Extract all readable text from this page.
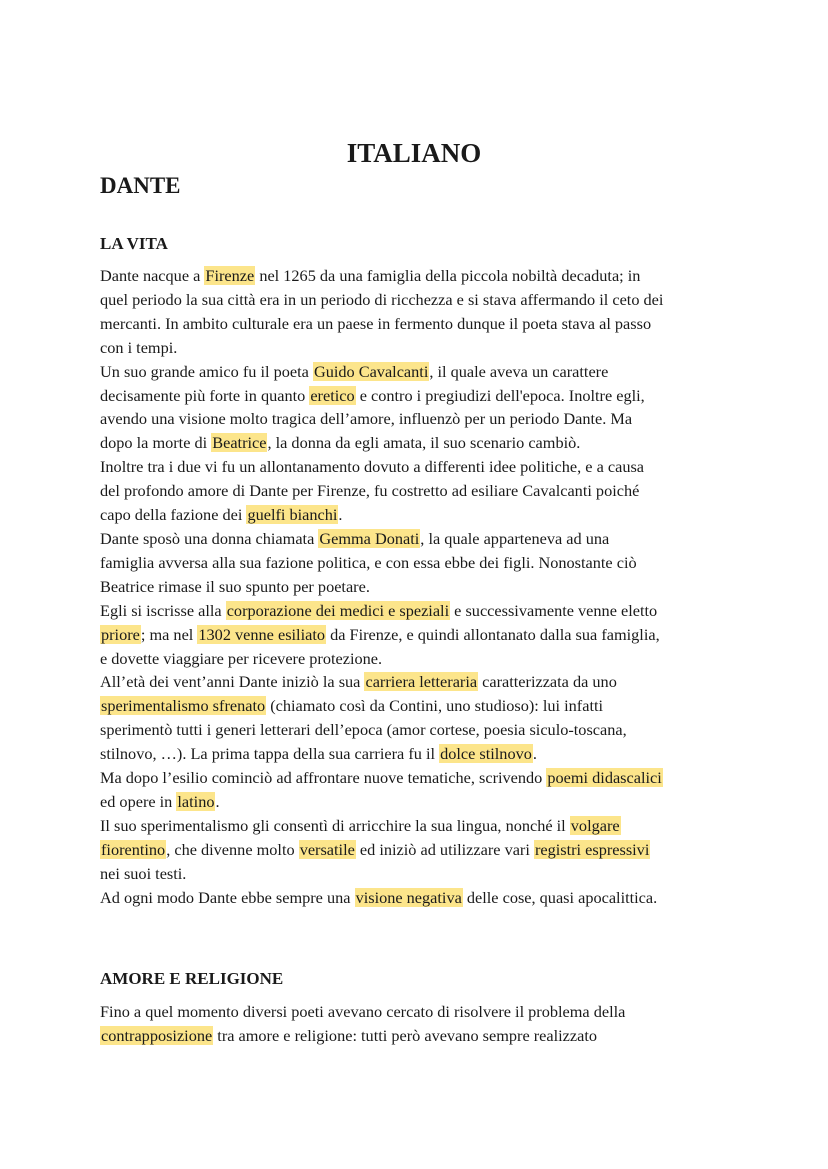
ITALIANO
DANTE
LA VITA
Dante nacque a Firenze nel 1265 da una famiglia della piccola nobiltà decaduta; in
quel periodo la sua città era in un periodo di ricchezza e si stava affermando il ceto dei
mercanti. In ambito culturale era un paese in fermento dunque il poeta stava al passo
con i tempi.
Un suo grande amico fu il poeta Guido Cavalcanti, il quale aveva un carattere
decisamente più forte in quanto eretico e contro i pregiudizi dell'epoca. Inoltre egli,
avendo una visione molto tragica dell’amore, influenzò per un periodo Dante. Ma
dopo la morte di Beatrice, la donna da egli amata, il suo scenario cambiò.
Inoltre tra i due vi fu un allontanamento dovuto a differenti idee politiche, e a causa
del profondo amore di Dante per Firenze, fu costretto ad esiliare Cavalcanti poiché
capo della fazione dei guelfi bianchi.
Dante sposò una donna chiamata Gemma Donati, la quale apparteneva ad una
famiglia avversa alla sua fazione politica, e con essa ebbe dei figli. Nonostante ciò
Beatrice rimase il suo spunto per poetare.
Egli si iscrisse alla corporazione dei medici e speziali e successivamente venne eletto
priore; ma nel 1302 venne esiliato da Firenze, e quindi allontanato dalla sua famiglia,
e dovette viaggiare per ricevere protezione.
All’età dei vent’anni Dante iniziò la sua carriera letteraria caratterizzata da uno
sperimentalismo sfrenato (chiamato così da Contini, uno studioso): lui infatti
sperimentò tutti i generi letterari dell’epoca (amor cortese, poesia siculo-toscana,
stilnovo, …). La prima tappa della sua carriera fu il dolce stilnovo.
Ma dopo l’esilio cominciò ad affrontare nuove tematiche, scrivendo poemi didascalici
ed opere in latino.
Il suo sperimentalismo gli consentì di arricchire la sua lingua, nonché il volgare
fiorentino, che divenne molto versatile ed iniziò ad utilizzare vari registri espressivi
nei suoi testi.
Ad ogni modo Dante ebbe sempre una visione negativa delle cose, quasi apocalittica.
AMORE E RELIGIONE
Fino a quel momento diversi poeti avevano cercato di risolvere il problema della
contrapposizione tra amore e religione: tutti però avevano sempre realizzato
